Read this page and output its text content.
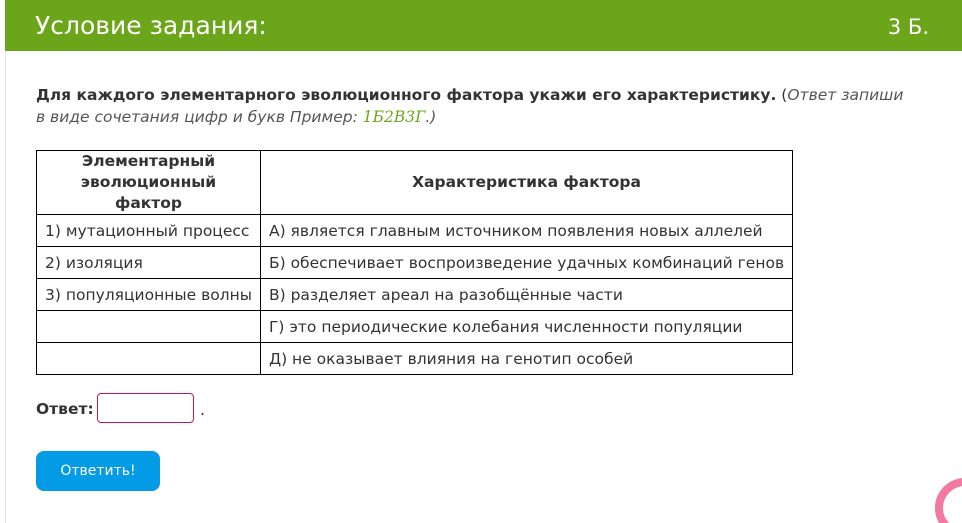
Условие задания:	3 Б.
Для каждого элементарного эволюционного фактора укажи его характеристику. (Ответ запиши в виде сочетания цифр и букв Пример: 1Б2В3Г.)
Элементарный эволюционный фактор	Характеристика фактора
1) мутационный процесс	А) является главным источником появления новых аллелей
2) изоляция	Б) обеспечивает воспроизведение удачных комбинаций генов
3) популяционные волны	В) разделяет ареал на разобщённые части
	Г) это периодические колебания численности популяции
	Д) не оказывает влияния на генотип особей
Ответ:	.
Ответить!
